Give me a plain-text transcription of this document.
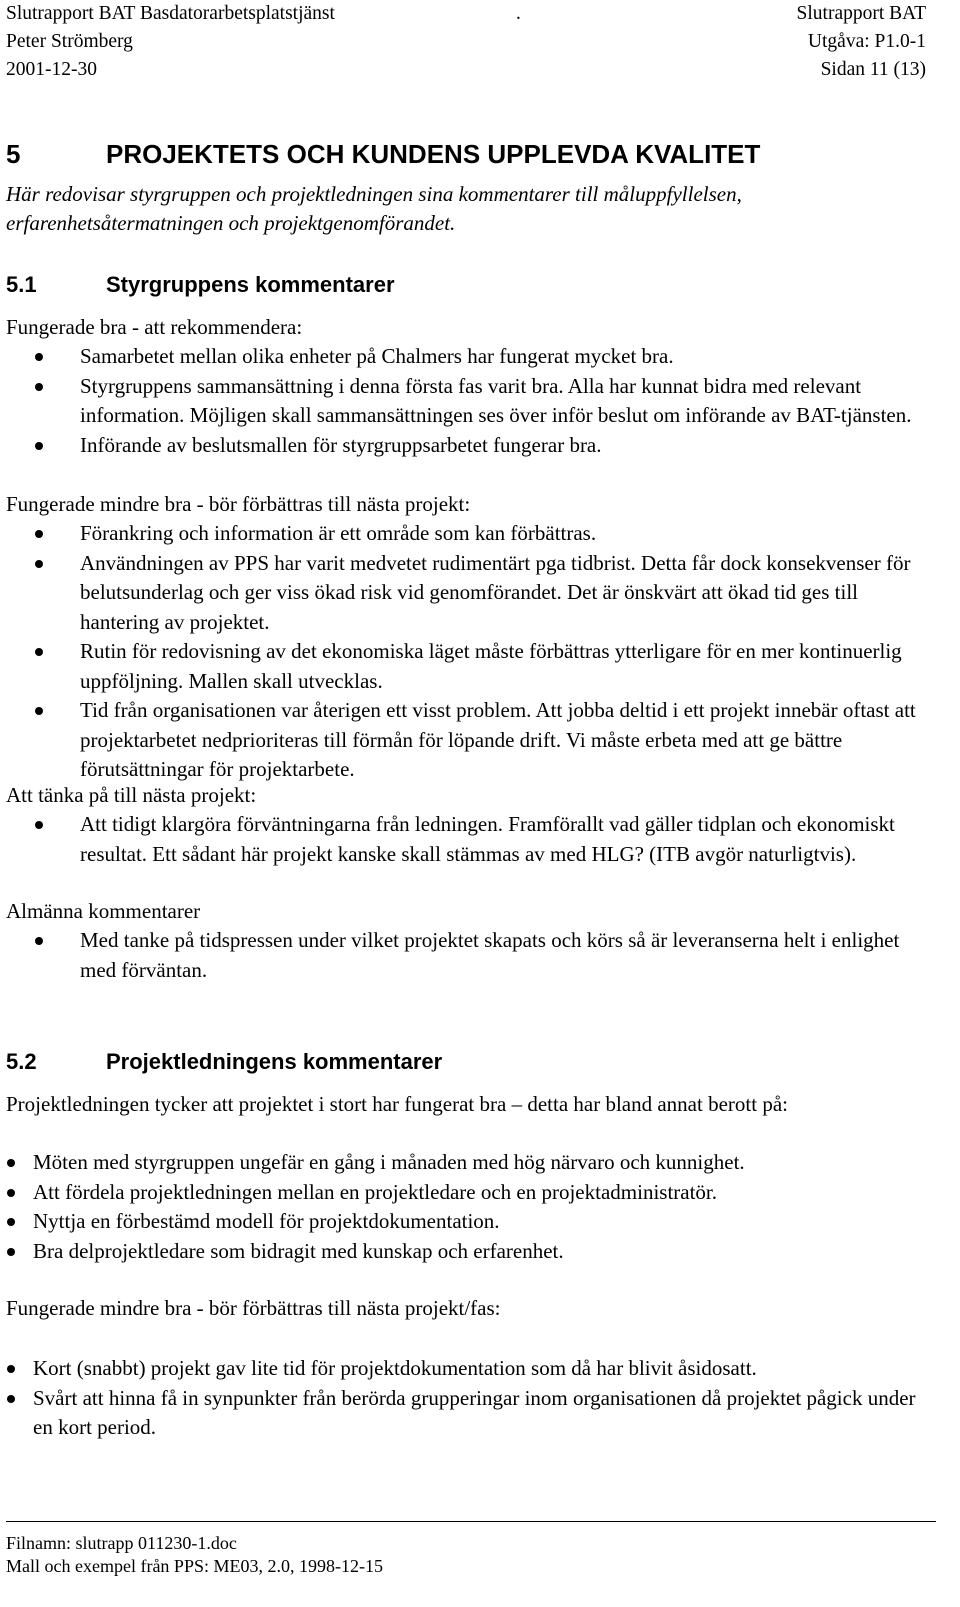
Slutrapport BAT Basdatorarbetsplatstjänst	.	Slutrapport BAT
Peter Strömberg	Utgåva: P1.0-1
2001-12-30	Sidan 11 (13)
5	PROJEKTETS OCH KUNDENS UPPLEVDA KVALITET
Här redovisar styrgruppen och projektledningen sina kommentarer till måluppfyllelsen, erfarenhetsåtermatningen och projektgenomförandet.
5.1	Styrgruppens kommentarer
Fungerade bra - att rekommendera:
Samarbetet mellan olika enheter på Chalmers har fungerat mycket bra.
Styrgruppens sammansättning i denna första fas varit bra. Alla har kunnat bidra med relevant information. Möjligen skall sammansättningen ses över inför beslut om införande av BAT-tjänsten.
Införande av beslutsmallen för styrgruppsarbetet fungerar bra.
Fungerade mindre bra - bör förbättras till nästa projekt:
Förankring och information är ett område som kan förbättras.
Användningen av PPS har varit medvetet rudimentärt pga tidbrist. Detta får dock konsekvenser för belutsunderlag och ger viss ökad risk vid genomförandet. Det är önskvärt att ökad tid ges till hantering av projektet.
Rutin för redovisning av det ekonomiska läget måste förbättras ytterligare för en mer kontinuerlig uppföljning. Mallen skall utvecklas.
Tid från organisationen var återigen ett visst problem. Att jobba deltid i ett projekt innebär oftast att projektarbetet nedprioriteras till förmån för löpande drift. Vi måste erbeta med att ge bättre förutsättningar för projektarbete.
Att tänka på till nästa projekt:
Att tidigt klargöra förväntningarna från ledningen. Framförallt vad gäller tidplan och ekonomiskt resultat. Ett sådant här projekt kanske skall stämmas av med HLG? (ITB avgör naturligtvis).
Almänna kommentarer
Med tanke på tidspressen under vilket projektet skapats och körs så är leveranserna helt i enlighet med förväntan.
5.2	Projektledningens kommentarer
Projektledningen tycker att projektet i stort har fungerat bra – detta har bland annat berott på:
Möten med styrgruppen ungefär en gång i månaden med hög närvaro och kunnighet.
Att fördela projektledningen mellan en projektledare och en projektadministratör.
Nyttja en förbestämd modell för projektdokumentation.
Bra delprojektledare som bidragit med kunskap och erfarenhet.
Fungerade mindre bra - bör förbättras till nästa projekt/fas:
Kort (snabbt) projekt gav lite tid för projektdokumentation som då har blivit åsidosatt.
Svårt att hinna få in synpunkter från berörda grupperingar inom organisationen då projektet pågick under en kort period.
Filnamn: slutrapp 011230-1.doc
Mall och exempel från PPS: ME03, 2.0, 1998-12-15
